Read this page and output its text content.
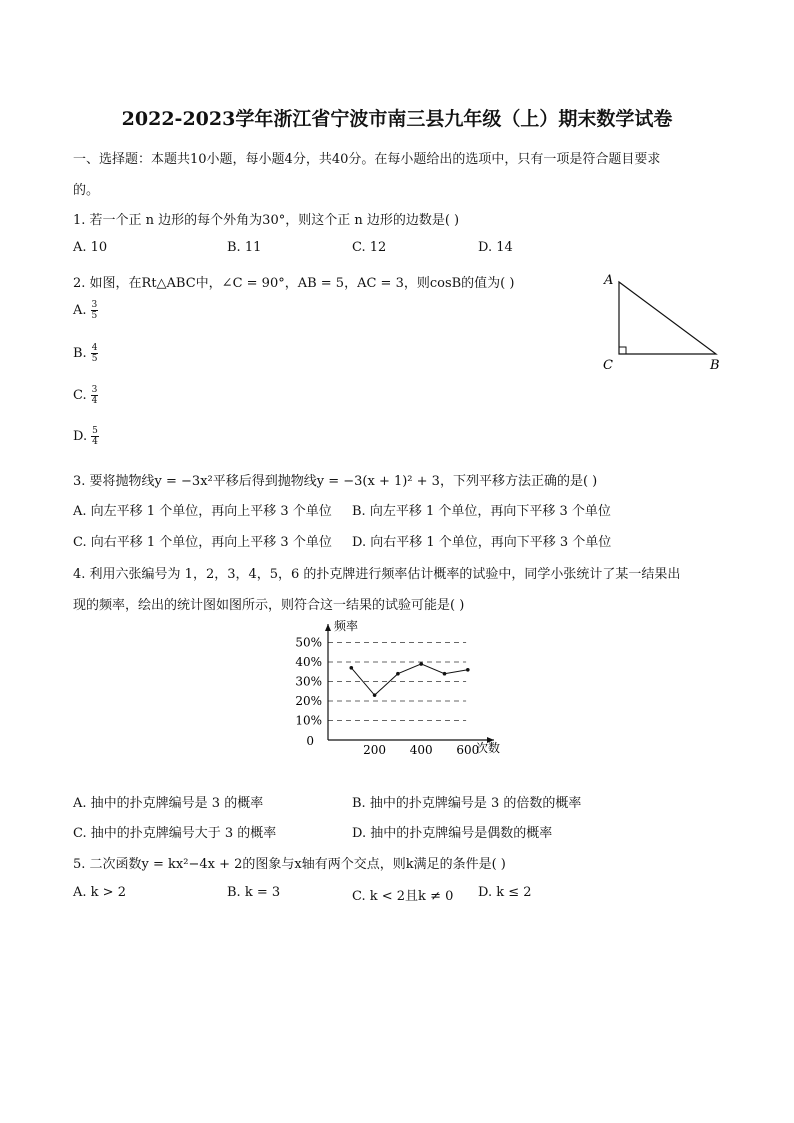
2022-2023学年浙江省宁波市南三县九年级（上）期末数学试卷
一、选择题：本题共10小题，每小题4分，共40分。在每小题给出的选项中，只有一项是符合题目要求
的。
1. 若一个正 n 边形的每个外角为30°，则这个正 n 边形的边数是( )
A. 10	B. 11	C. 12	D. 14
2. 如图，在Rt△ABC中，∠C = 90°，AB = 5，AC = 3，则cosB的值为( )
A. $\frac{3}{5}$
B. $\frac{4}{5}$
C. $\frac{3}{4}$
D. $\frac{5}{4}$
A
C	B
3. 要将抛物线y = −3x²平移后得到抛物线y = −3(x + 1)² + 3，下列平移方法正确的是( )
A. 向左平移 1 个单位，再向上平移 3 个单位 B. 向左平移 1 个单位，再向下平移 3 个单位
C. 向右平移 1 个单位，再向上平移 3 个单位 D. 向右平移 1 个单位，再向下平移 3 个单位
4. 利用六张编号为 1，2，3，4，5，6 的扑克牌进行频率估计概率的试验中，同学小张统计了某一结果出
现的频率，绘出的统计图如图所示，则符合这一结果的试验可能是( )
10%
20%
30%
40%
50%
0
200 400 600
频率
次数
A. 抽中的扑克牌编号是 3 的概率	B. 抽中的扑克牌编号是 3 的倍数的概率
C. 抽中的扑克牌编号大于 3 的概率	D. 抽中的扑克牌编号是偶数的概率
5. 二次函数y = kx²−4x + 2的图象与x轴有两个交点，则k满足的条件是( )
A. k > 2	B. k = 3	C. k < 2且k ≠ 0 D. k ≤ 2
